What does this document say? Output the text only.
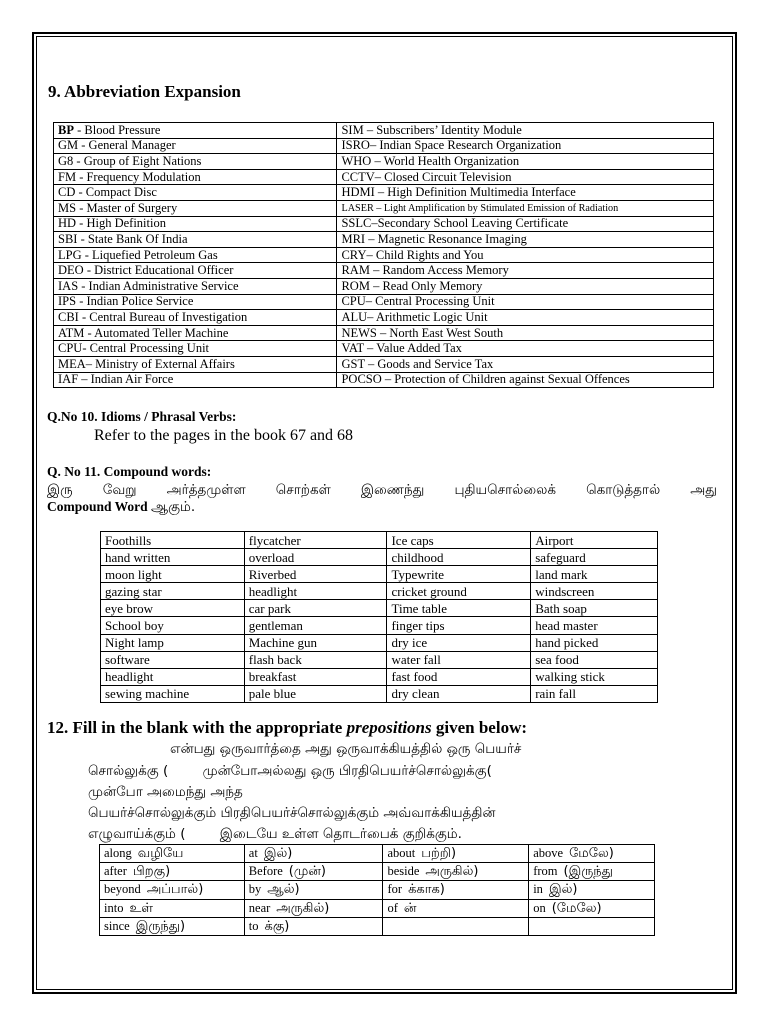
9. Abbreviation Expansion
BP - Blood Pressure	SIM – Subscribers’ Identity Module
GM - General Manager	ISRO– Indian Space Research Organization
G8 - Group of Eight Nations	WHO – World Health Organization
FM - Frequency Modulation	CCTV– Closed Circuit Television
CD - Compact Disc	HDMI – High Definition Multimedia Interface
MS - Master of Surgery	LASER – Light Amplification by Stimulated Emission of Radiation
HD - High Definition	SSLC–Secondary School Leaving Certificate
SBI - State Bank Of India	MRI – Magnetic Resonance Imaging
LPG - Liquefied Petroleum Gas	CRY– Child Rights and You
DEO - District Educational Officer	RAM – Random Access Memory
IAS - Indian Administrative Service	ROM – Read Only Memory
IPS - Indian Police Service	CPU– Central Processing Unit
CBI - Central Bureau of Investigation	ALU– Arithmetic Logic Unit
ATM - Automated Teller Machine	NEWS – North East West South
CPU- Central Processing Unit	VAT – Value Added Tax
MEA– Ministry of External Affairs	GST – Goods and Service Tax
IAF – Indian Air Force	POCSO – Protection of Children against Sexual Offences

Q.No 10. Idioms / Phrasal Verbs:

Refer to the pages in the book 67 and 68

Q. No 11. Compound words:

இரு வேறு அர்த்தமுள்ள சொற்கள் இணைந்து புதியசொல்லைக் கொடுத்தால் அது
Compound Word ஆகும்.
Foothills	flycatcher	Ice caps	Airport
hand written	overload	childhood	safeguard
moon light	Riverbed	Typewrite	land mark
gazing star	headlight	cricket ground	windscreen
eye brow	car park	Time table	Bath soap
School boy	gentleman	finger tips	head master
Night lamp	Machine gun	dry ice	hand picked
software	flash back	water fall	sea food
headlight	breakfast	fast food	walking stick
sewing machine	pale blue	dry clean	rain fall
12. Fill in the blank with the appropriate prepositions given below:
என்பது ஒருவார்த்தை அது ஒருவாக்கியத்தில் ஒரு பெயர்ச்
சொல்லுக்கு (        முன்போஅல்லது ஒரு பிரதிபெயர்ச்சொல்லுக்கு(
முன்போ அமைந்து அந்த
பெயர்ச்சொல்லுக்கும் பிரதிபெயர்ச்சொல்லுக்கும் அவ்வாக்கியத்தின்
எழுவாய்க்கும் (        இடையே உள்ள தொடர்பைக் குறிக்கும்.
along வழியே	at இல்)	about பற்றி)	above மேலே)
after பிறகு)	Before (முன்)	beside அருகில்)	from (இருந்து
beyond அப்பால்)	by ஆல்)	for க்காக)	in இல்)
into உள்	near அருகில்)	of ன்	on (மேலே)
since இருந்து)	to க்கு)		
